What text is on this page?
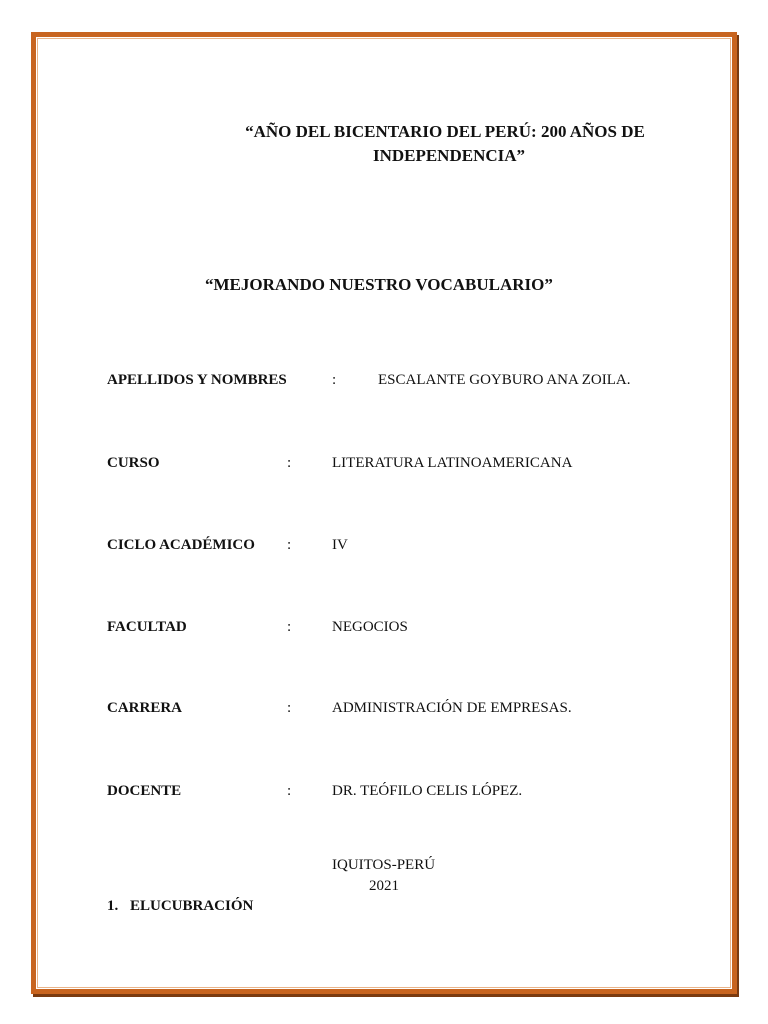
“AÑO DEL BICENTARIO DEL PERÚ: 200 AÑOS DE
INDEPENDENCIA”
“MEJORANDO NUESTRO VOCABULARIO”
APELLIDOS Y NOMBRES	:	ESCALANTE GOYBURO ANA ZOILA.
CURSO	:	LITERATURA LATINOAMERICANA
CICLO ACADÉMICO :	IV
FACULTAD	:	NEGOCIOS
CARRERA	:	ADMINISTRACIÓN DE EMPRESAS.
DOCENTE	:	DR. TEÓFILO CELIS LÓPEZ.
IQUITOS-PERÚ
2021
1. ELUCUBRACIÓN
